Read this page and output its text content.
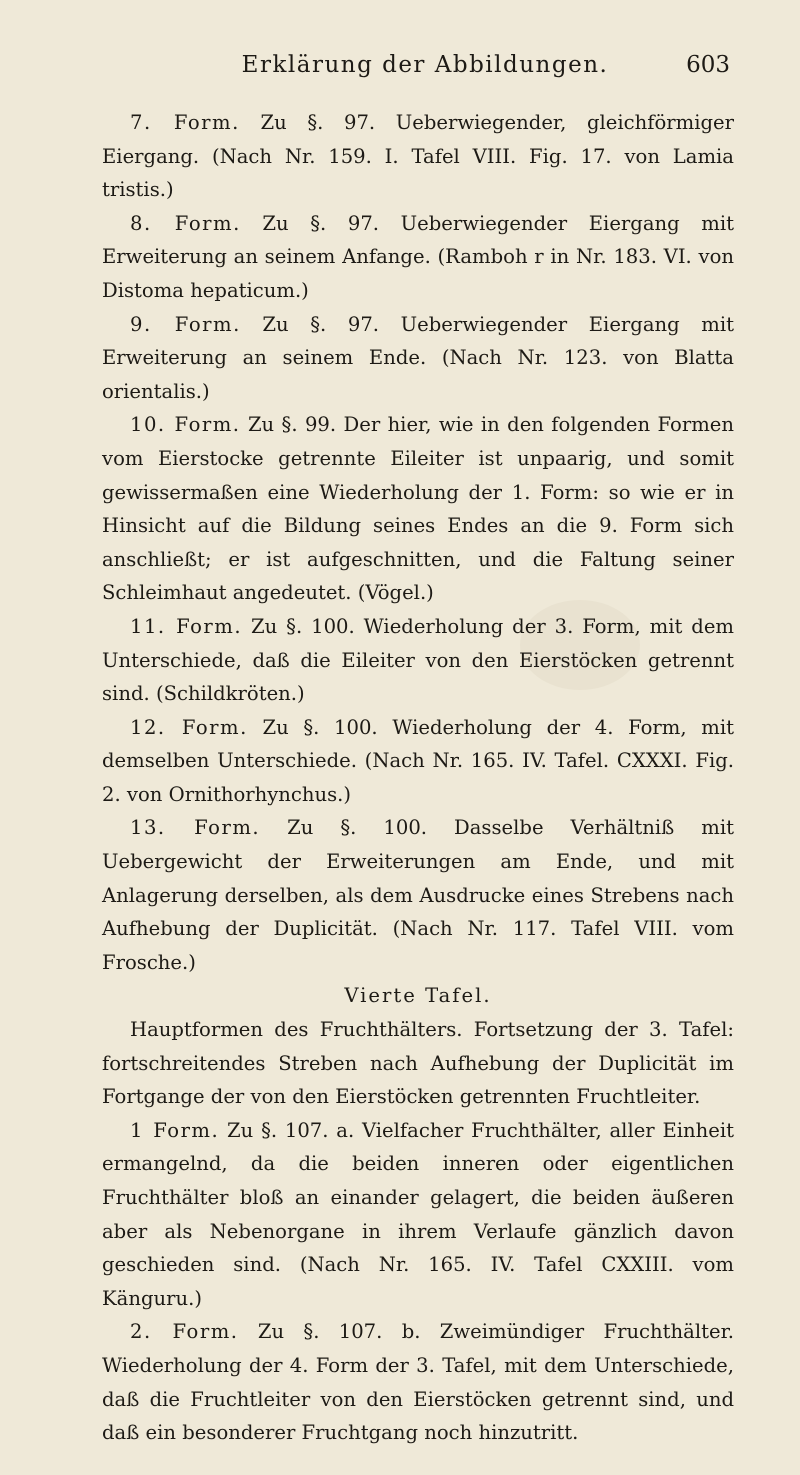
Erklärung der Abbildungen.	603

7. Form. Zu §. 97. Ueberwiegender, gleichförmiger Eiergang. (Nach Nr. 159. I. Tafel VIII. Fig. 17. von Lamia tristis.)

8. Form. Zu §. 97. Ueberwiegender Eiergang mit Erweiterung an seinem Anfange. (Ramboh r in Nr. 183. VI. von Distoma hepaticum.)

9. Form. Zu §. 97. Ueberwiegender Eiergang mit Erweiterung an seinem Ende. (Nach Nr. 123. von Blatta orientalis.)

10. Form. Zu §. 99. Der hier, wie in den folgenden Formen vom Eierstocke getrennte Eileiter ist unpaarig, und somit gewissermaßen eine Wiederholung der 1. Form: so wie er in Hinsicht auf die Bildung seines Endes an die 9. Form sich anschließt; er ist aufgeschnitten, und die Faltung seiner Schleimhaut angedeutet. (Vögel.)

11. Form. Zu §. 100. Wiederholung der 3. Form, mit dem Unterschiede, daß die Eileiter von den Eierstöcken getrennt sind. (Schildkröten.)

12. Form. Zu §. 100. Wiederholung der 4. Form, mit demselben Unterschiede. (Nach Nr. 165. IV. Tafel. CXXXI. Fig. 2. von Ornithorhynchus.)

13. Form. Zu §. 100. Dasselbe Verhältniß mit Uebergewicht der Erweiterungen am Ende, und mit Anlagerung derselben, als dem Ausdrucke eines Strebens nach Aufhebung der Duplicität. (Nach Nr. 117. Tafel VIII. vom Frosche.)

Vierte Tafel.

Hauptformen des Fruchthälters. Fortsetzung der 3. Tafel: fortschreitendes Streben nach Aufhebung der Duplicität im Fortgange der von den Eierstöcken getrennten Fruchtleiter.

1 Form. Zu §. 107. a. Vielfacher Fruchthälter, aller Einheit ermangelnd, da die beiden inneren oder eigentlichen Fruchthälter bloß an einander gelagert, die beiden äußeren aber als Nebenorgane in ihrem Verlaufe gänzlich davon geschieden sind. (Nach Nr. 165. IV. Tafel CXXIII. vom Känguru.)

2. Form. Zu §. 107. b. Zweimündiger Fruchthälter. Wiederholung der 4. Form der 3. Tafel, mit dem Unterschiede, daß die Fruchtleiter von den Eierstöcken getrennt sind, und daß ein besonderer Fruchtgang noch hinzutritt.
